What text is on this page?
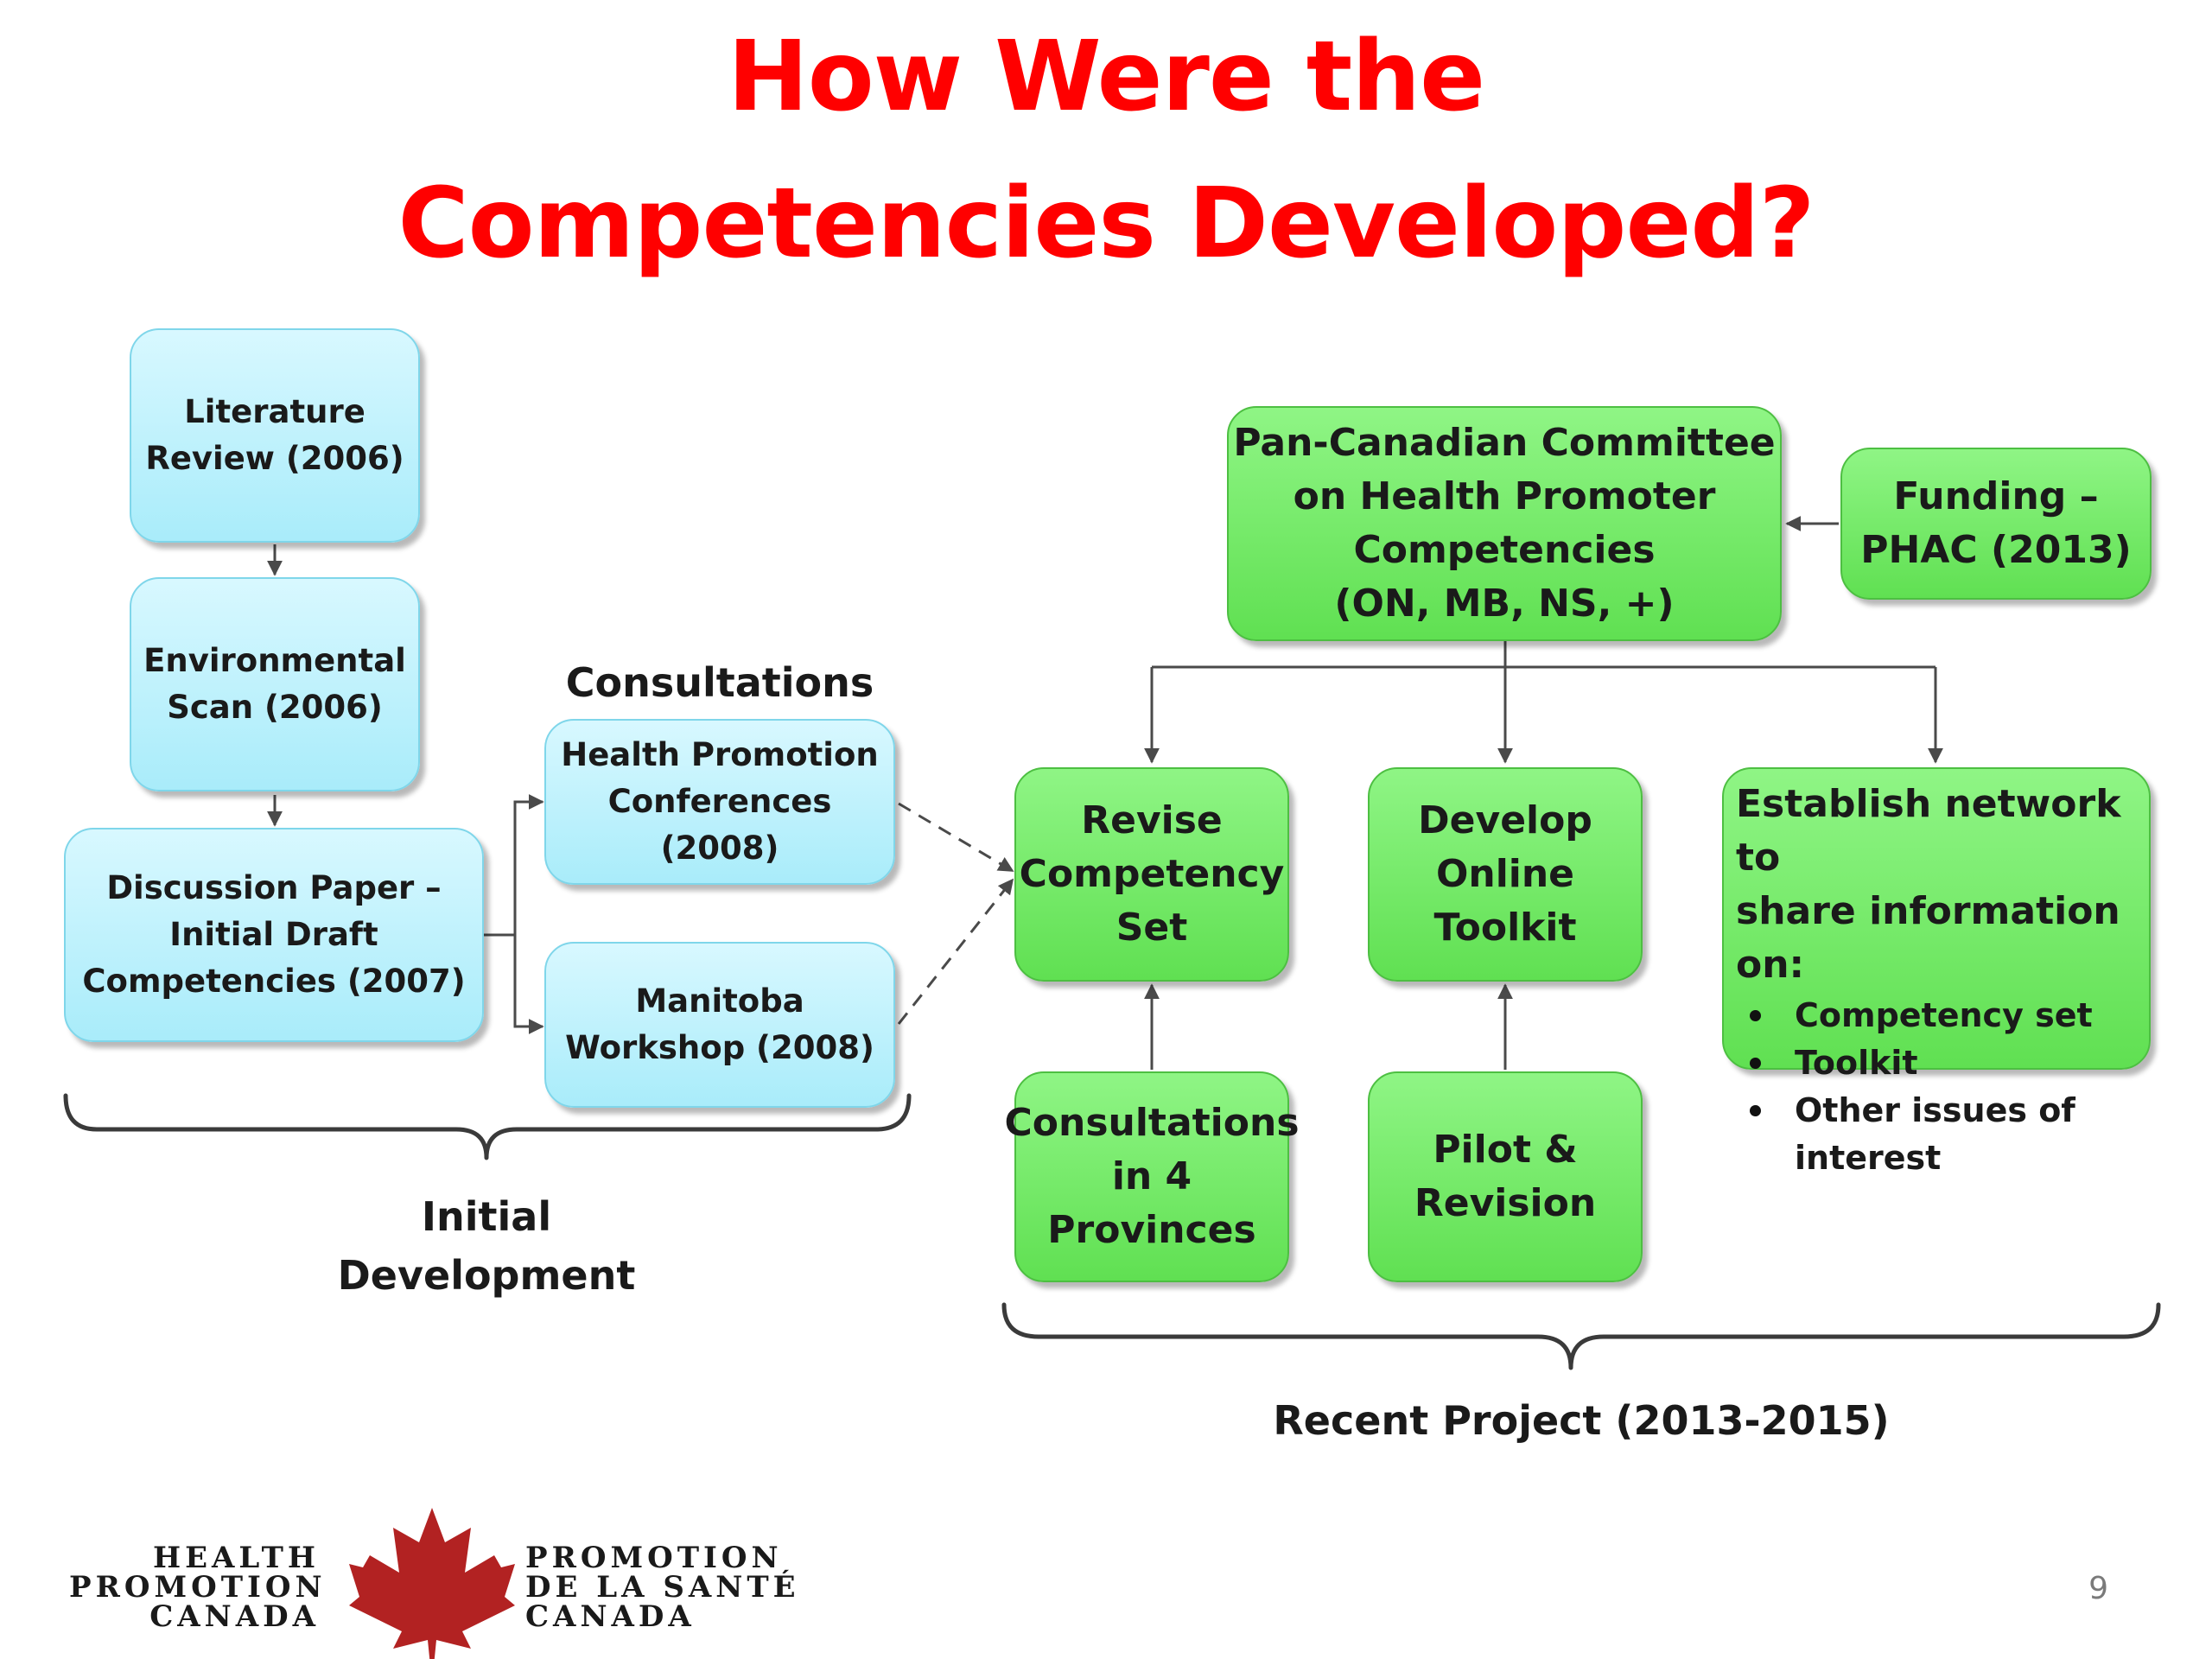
How Were the
Competencies Developed?
Literature
Review (2006)
Environmental
Scan (2006)
Discussion Paper –
Initial Draft
Competencies (2007)
Consultations
Health Promotion
Conferences (2008)
Manitoba
Workshop (2008)
Initial
Development
Pan-Canadian Committee
on Health Promoter
Competencies
(ON, MB, NS, +)
Funding –
PHAC (2013)
Revise
Competency
Set
Develop
Online
Toolkit
Establish network to
share information on:
Competency set
Toolkit
Other issues of
interest
Consultations
in 4
Provinces
Pilot &
Revision
Recent Project (2013-2015)
HEALTH
PROMOTION
CANADA
PROMOTION
DE LA SANTÉ
CANADA
9
